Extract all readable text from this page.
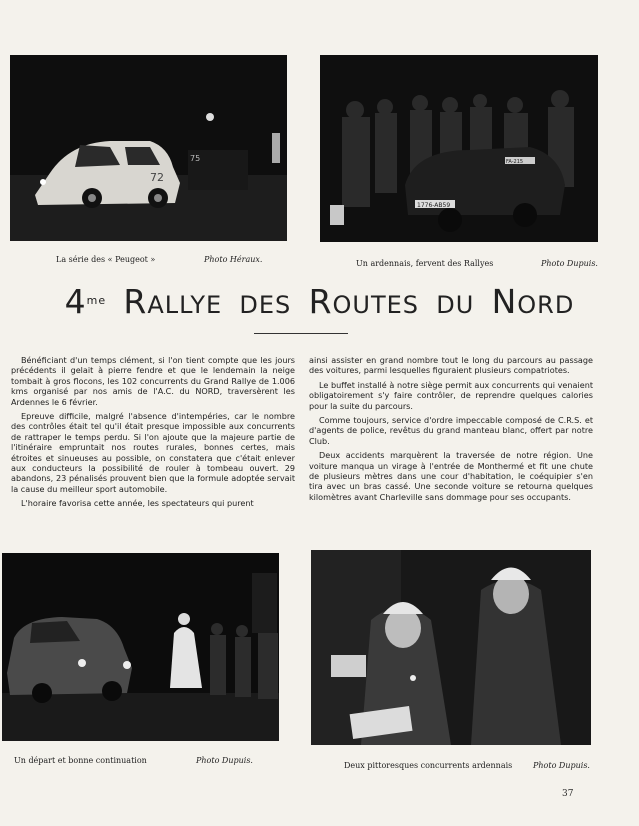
72
75
La série des « Peugeot »	Photo Héraux.
1776-AB59
FA-215
Un ardennais, fervent des Rallyes	Photo Dupuis.
$4^{me}$ RALLYE DES ROUTES DU NORD

Bénéficiant d'un temps clément, si l'on tient compte que les jours précédents il gelait à pierre fendre et que le lendemain la neige tombait à gros flocons, les 102 concurrents du Grand Rallye de 1.006 kms organisé par nos amis de l'A.C. du NORD, traversèrent les Ardennes le 6 février.

Epreuve difficile, malgré l'absence d'intempéries, car le nombre des contrôles était tel qu'il était presque impossible aux concurrents de rattraper le temps perdu. Si l'on ajoute que la majeure partie de l'itinéraire empruntait nos routes rurales, bonnes certes, mais étroites et sinueuses au possible, on constatera que c'était enlever aux conducteurs la possibilité de rouler à tombeau ouvert. 29 abandons, 23 pénalisés prouvent bien que la formule adoptée servait la cause du meilleur sport automobile.

L'horaire favorisa cette année, les spectateurs qui purent

ainsi assister en grand nombre tout le long du parcours au passage des voitures, parmi lesquelles figuraient plusieurs compatriotes.

Le buffet installé à notre siège permit aux concurrents qui venaient obligatoirement s'y faire contrôler, de reprendre quelques calories pour la suite du parcours.

Comme toujours, service d'ordre impeccable composé de C.R.S. et d'agents de police, revêtus du grand manteau blanc, offert par notre Club.

Deux accidents marquèrent la traversée de notre région. Une voiture manqua un virage à l'entrée de Monthermé et fit une chute de plusieurs mètres dans une cour d'habitation, le coéquipier s'en tira avec un bras cassé. Une seconde voiture se retourna quelques kilomètres avant Charleville sans dommage pour ses occupants.

Un départ et bonne continuation	Photo Dupuis.
Deux pittoresques concurrents ardennais	Photo Dupuis.
37
